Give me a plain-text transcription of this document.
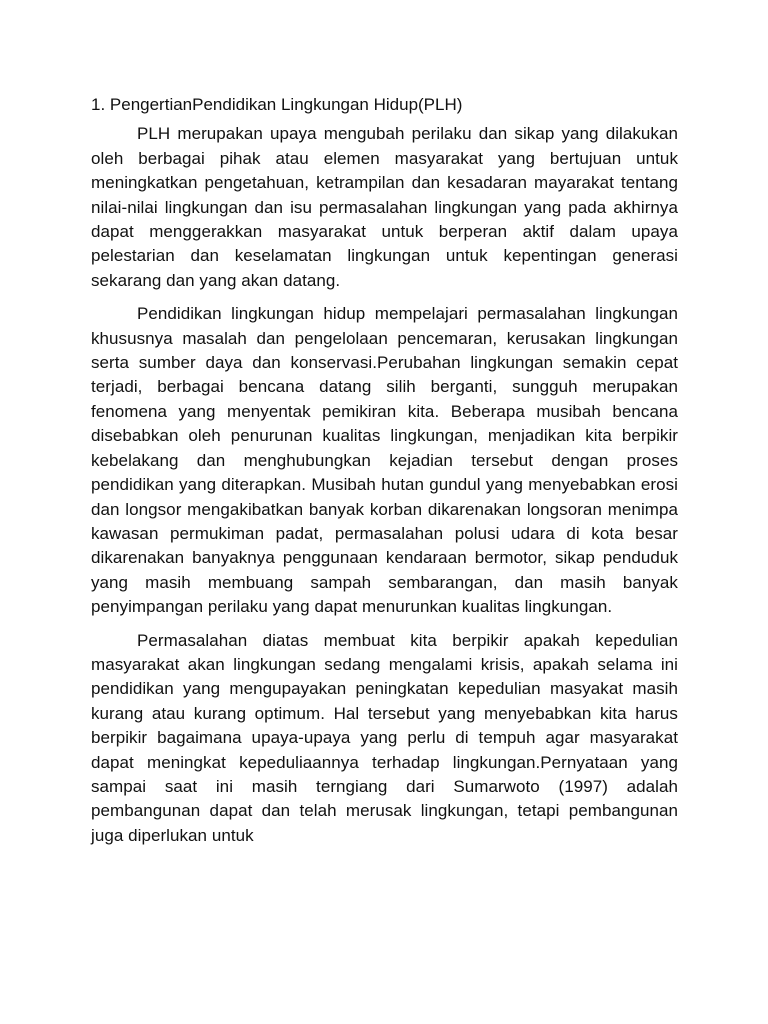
1. PengertianPendidikan Lingkungan Hidup(PLH)

PLH merupakan upaya mengubah perilaku dan sikap yang dilakukan oleh berbagai pihak atau elemen masyarakat yang bertujuan untuk meningkatkan pengetahuan, ketrampilan dan kesadaran mayarakat tentang nilai-nilai lingkungan dan isu permasalahan lingkungan yang pada akhirnya dapat menggerakkan masyarakat untuk berperan aktif dalam upaya pelestarian dan keselamatan lingkungan untuk kepentingan generasi sekarang dan yang akan datang.

Pendidikan lingkungan hidup mempelajari permasalahan lingkungan khususnya masalah dan pengelolaan pencemaran, kerusakan lingkungan serta sumber daya dan konservasi.Perubahan lingkungan semakin cepat terjadi, berbagai bencana datang silih berganti, sungguh merupakan fenomena yang menyentak pemikiran kita. Beberapa musibah bencana disebabkan oleh penurunan kualitas lingkungan, menjadikan kita berpikir kebelakang dan menghubungkan kejadian tersebut dengan proses pendidikan yang diterapkan. Musibah hutan gundul yang menyebabkan erosi dan longsor mengakibatkan banyak korban dikarenakan longsoran menimpa kawasan permukiman padat, permasalahan polusi udara di kota besar dikarenakan banyaknya penggunaan kendaraan bermotor, sikap penduduk yang masih membuang sampah sembarangan, dan masih banyak penyimpangan perilaku yang dapat menurunkan kualitas lingkungan.

Permasalahan diatas membuat kita berpikir apakah kepedulian masyarakat akan lingkungan sedang mengalami krisis, apakah selama ini pendidikan yang mengupayakan peningkatan kepedulian masyakat masih kurang atau kurang optimum. Hal tersebut yang menyebabkan kita harus berpikir bagaimana upaya-upaya yang perlu di tempuh agar masyarakat dapat meningkat kepeduliaannya terhadap lingkungan.Pernyataan yang sampai saat ini masih terngiang dari Sumarwoto (1997) adalah pembangunan dapat dan telah merusak lingkungan, tetapi pembangunan juga diperlukan untuk
